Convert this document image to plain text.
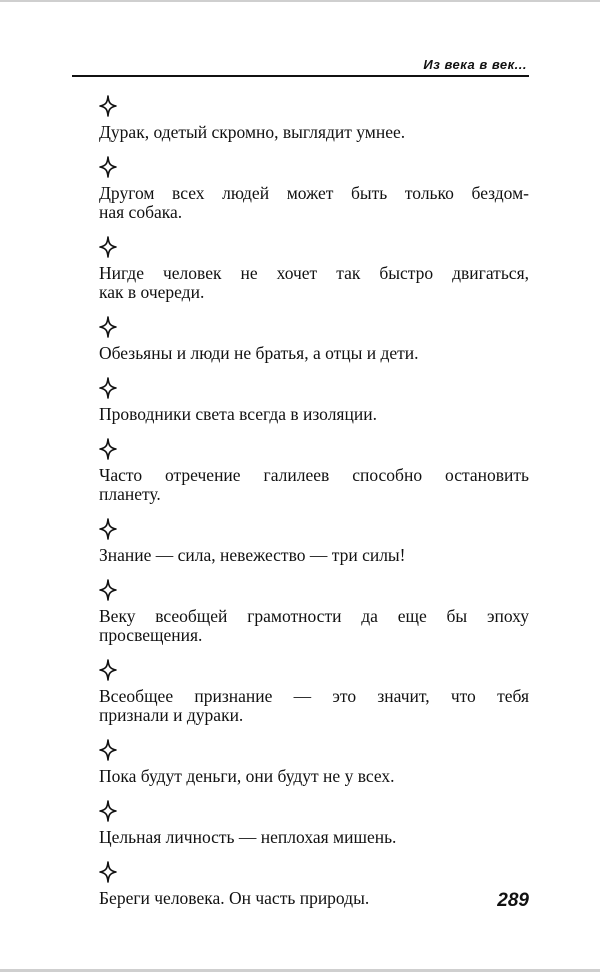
Из века в век...
Дурак, одетый скромно, выглядит умнее.
Другом всех людей может быть только бездом-
ная собака.
Нигде человек не хочет так быстро двигаться,
как в очереди.
Обезьяны и люди не братья, а отцы и дети.
Проводники света всегда в изоляции.
Часто отречение галилеев способно остановить
планету.
Знание — сила, невежество — три силы!
Веку всеобщей грамотности да еще бы эпоху
просвещения.
Всеобщее признание — это значит, что тебя
признали и дураки.
Пока будут деньги, они будут не у всех.
Цельная личность — неплохая мишень.
Береги человека. Он часть природы.	289
